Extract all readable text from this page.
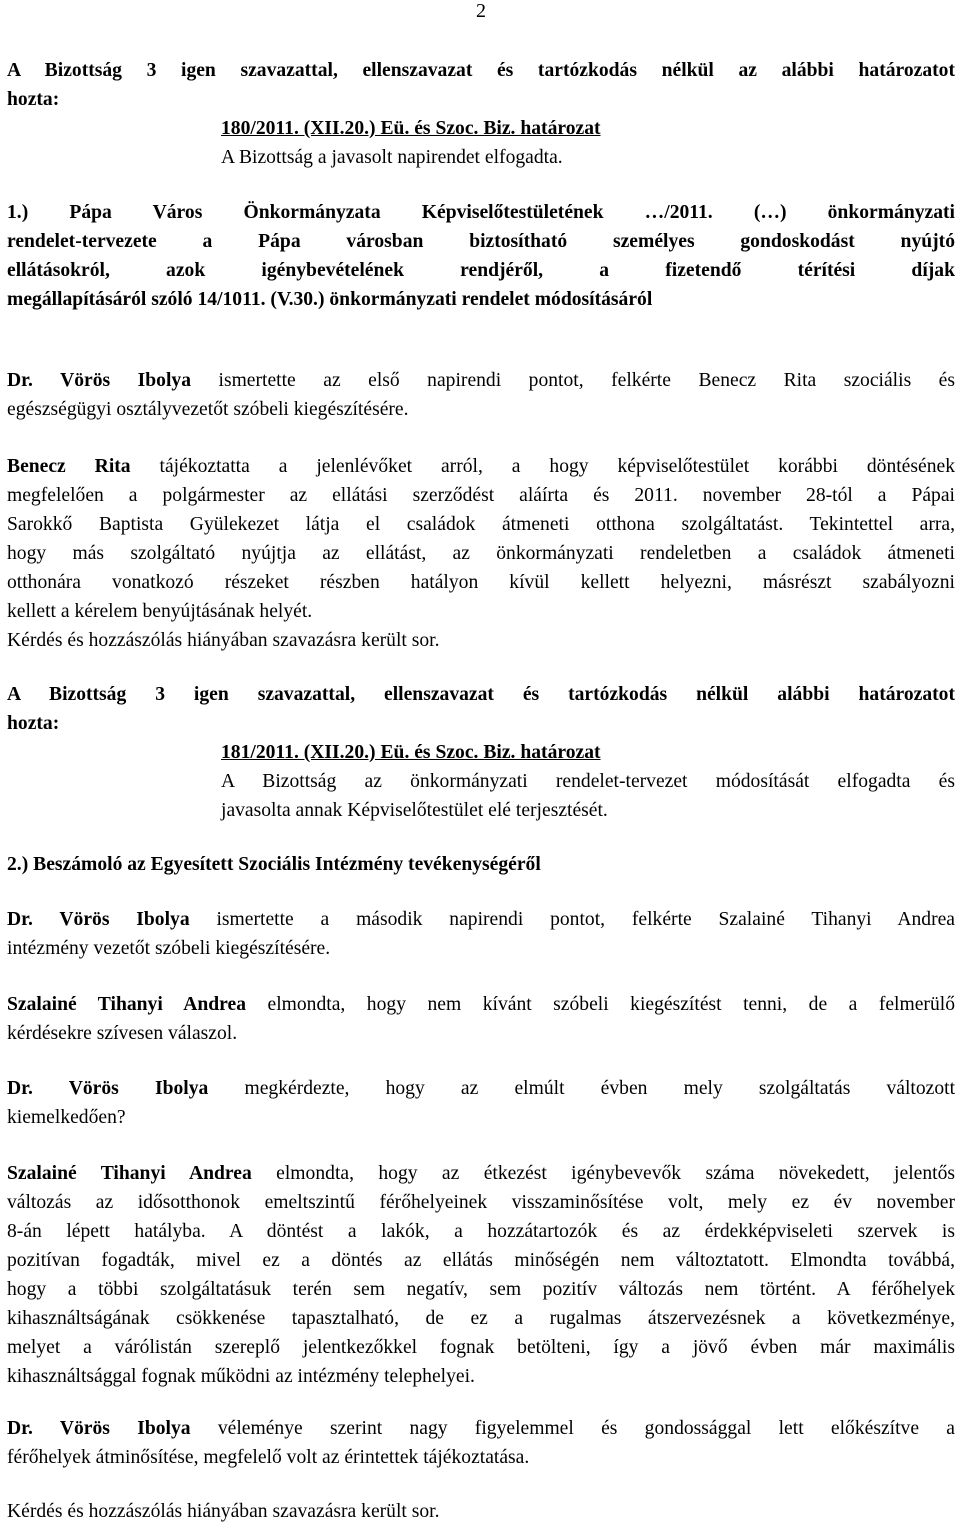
2
A Bizottság 3 igen szavazattal, ellenszavazat és tartózkodás nélkül az alábbi határozatot
hozta:
180/2011. (XII.20.) Eü. és Szoc. Biz. határozat
A Bizottság a javasolt napirendet elfogadta.
1.) Pápa Város Önkormányzata Képviselőtestületének …/2011. (…) önkormányzati
rendelet-tervezete a Pápa városban biztosítható személyes gondoskodást nyújtó
ellátásokról, azok igénybevételének rendjéről, a fizetendő térítési díjak
megállapításáról szóló 14/1011. (V.30.) önkormányzati rendelet módosításáról
Dr. Vörös Ibolya ismertette az első napirendi pontot, felkérte Benecz Rita szociális és
egészségügyi osztályvezetőt szóbeli kiegészítésére.
Benecz Rita tájékoztatta a jelenlévőket arról, a hogy képviselőtestület korábbi döntésének
megfelelően a polgármester az ellátási szerződést aláírta és 2011. november 28-tól a Pápai
Sarokkő Baptista Gyülekezet látja el családok átmeneti otthona szolgáltatást. Tekintettel arra,
hogy más szolgáltató nyújtja az ellátást, az önkormányzati rendeletben a családok átmeneti
otthonára vonatkozó részeket részben hatályon kívül kellett helyezni, másrészt szabályozni
kellett a kérelem benyújtásának helyét.
Kérdés és hozzászólás hiányában szavazásra került sor.
A Bizottság 3 igen szavazattal, ellenszavazat és tartózkodás nélkül alábbi határozatot
hozta:
181/2011. (XII.20.) Eü. és Szoc. Biz. határozat
A Bizottság az önkormányzati rendelet-tervezet módosítását elfogadta és
javasolta annak Képviselőtestület elé terjesztését.
2.) Beszámoló az Egyesített Szociális Intézmény tevékenységéről
Dr. Vörös Ibolya ismertette a második napirendi pontot, felkérte Szalainé Tihanyi Andrea
intézmény vezetőt szóbeli kiegészítésére.
Szalainé Tihanyi Andrea elmondta, hogy nem kívánt szóbeli kiegészítést tenni, de a felmerülő
kérdésekre szívesen válaszol.
Dr. Vörös Ibolya megkérdezte, hogy az elmúlt évben mely szolgáltatás változott
kiemelkedően?
Szalainé Tihanyi Andrea elmondta, hogy az étkezést igénybevevők száma növekedett, jelentős
változás az idősotthonok emeltszintű férőhelyeinek visszaminősítése volt, mely ez év november
8-án lépett hatályba. A döntést a lakók, a hozzátartozók és az érdekképviseleti szervek is
pozitívan fogadták, mivel ez a döntés az ellátás minőségén nem változtatott. Elmondta továbbá,
hogy a többi szolgáltatásuk terén sem negatív, sem pozitív változás nem történt. A férőhelyek
kihasználtságának csökkenése tapasztalható, de ez a rugalmas átszervezésnek a következménye,
melyet a várólistán szereplő jelentkezőkkel fognak betölteni, így a jövő évben már maximális
kihasználtsággal fognak működni az intézmény telephelyei.
Dr. Vörös Ibolya véleménye szerint nagy figyelemmel és gondossággal lett előkészítve a
férőhelyek átminősítése, megfelelő volt az érintettek tájékoztatása.
Kérdés és hozzászólás hiányában szavazásra került sor.
